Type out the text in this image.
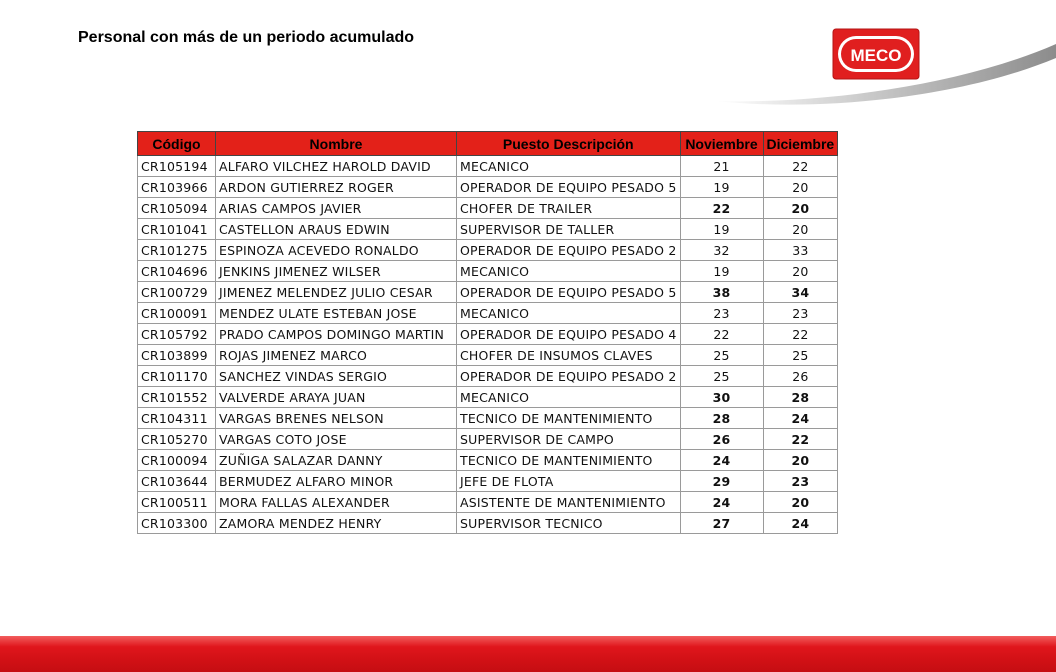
Personal con más de un periodo acumulado
MECO
Código	Nombre	Puesto Descripción	Noviembre	Diciembre
CR105194	ALFARO VILCHEZ HAROLD DAVID	MECANICO	21	22
CR103966	ARDON GUTIERREZ ROGER	OPERADOR DE EQUIPO PESADO 5	19	20
CR105094	ARIAS CAMPOS JAVIER	CHOFER DE TRAILER	22	20
CR101041	CASTELLON ARAUS EDWIN	SUPERVISOR DE TALLER	19	20
CR101275	ESPINOZA ACEVEDO RONALDO	OPERADOR DE EQUIPO PESADO 2	32	33
CR104696	JENKINS JIMENEZ WILSER	MECANICO	19	20
CR100729	JIMENEZ MELENDEZ JULIO CESAR	OPERADOR DE EQUIPO PESADO 5	38	34
CR100091	MENDEZ ULATE ESTEBAN JOSE	MECANICO	23	23
CR105792	PRADO CAMPOS DOMINGO MARTIN	OPERADOR DE EQUIPO PESADO 4	22	22
CR103899	ROJAS JIMENEZ MARCO	CHOFER DE INSUMOS CLAVES	25	25
CR101170	SANCHEZ VINDAS SERGIO	OPERADOR DE EQUIPO PESADO 2	25	26
CR101552	VALVERDE ARAYA JUAN	MECANICO	30	28
CR104311	VARGAS BRENES NELSON	TECNICO DE MANTENIMIENTO	28	24
CR105270	VARGAS COTO JOSE	SUPERVISOR DE CAMPO	26	22
CR100094	ZUÑIGA SALAZAR DANNY	TECNICO DE MANTENIMIENTO	24	20
CR103644	BERMUDEZ ALFARO MINOR	JEFE DE FLOTA	29	23
CR100511	MORA FALLAS ALEXANDER	ASISTENTE DE MANTENIMIENTO	24	20
CR103300	ZAMORA MENDEZ HENRY	SUPERVISOR TECNICO	27	24
